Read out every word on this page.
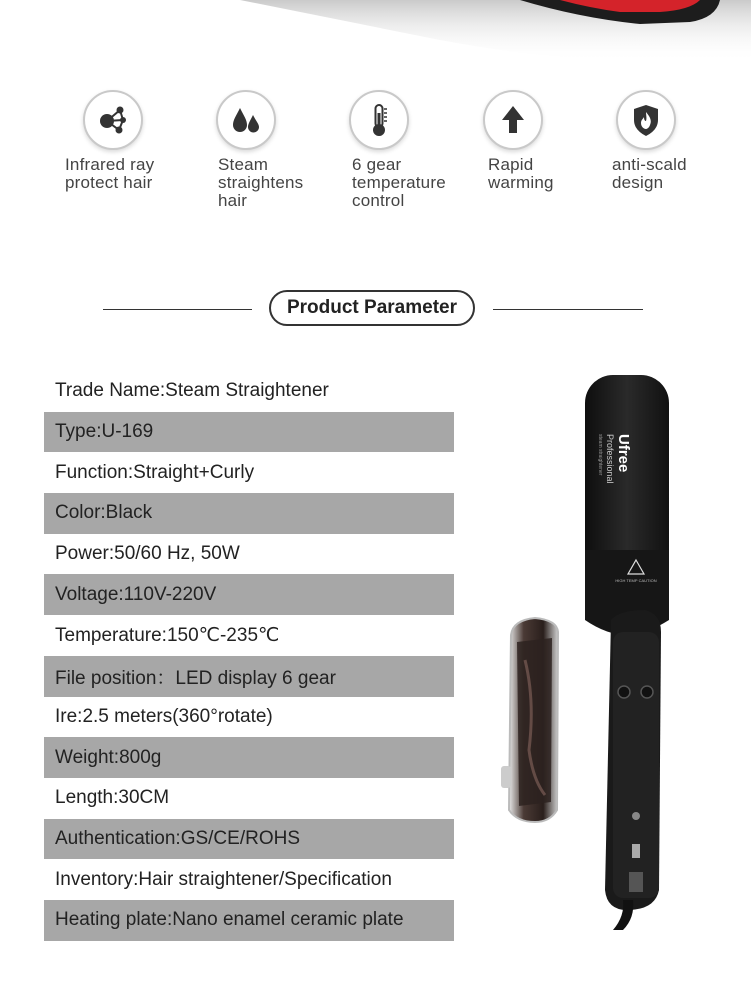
Infrared ray
protect hair
Steam
straightens
hair
6 gear
temperature
control
Rapid
warming
anti-scald
design
Product Parameter
Trade Name:Steam Straightener
Type:U-169
Function:Straight+Curly
Color:Black
Power:50/60 Hz, 50W
Voltage:110V-220V
Temperature:150℃-235℃
File position：LED display 6 gear
Ire:2.5 meters(360°rotate)
Weight:800g
Length:30CM
Authentication:GS/CE/ROHS
Inventory:Hair straightener/Specification
Heating plate:Nano enamel ceramic plate
Ufree
Professional
steam straightener
HIGH TEMP CAUTION
